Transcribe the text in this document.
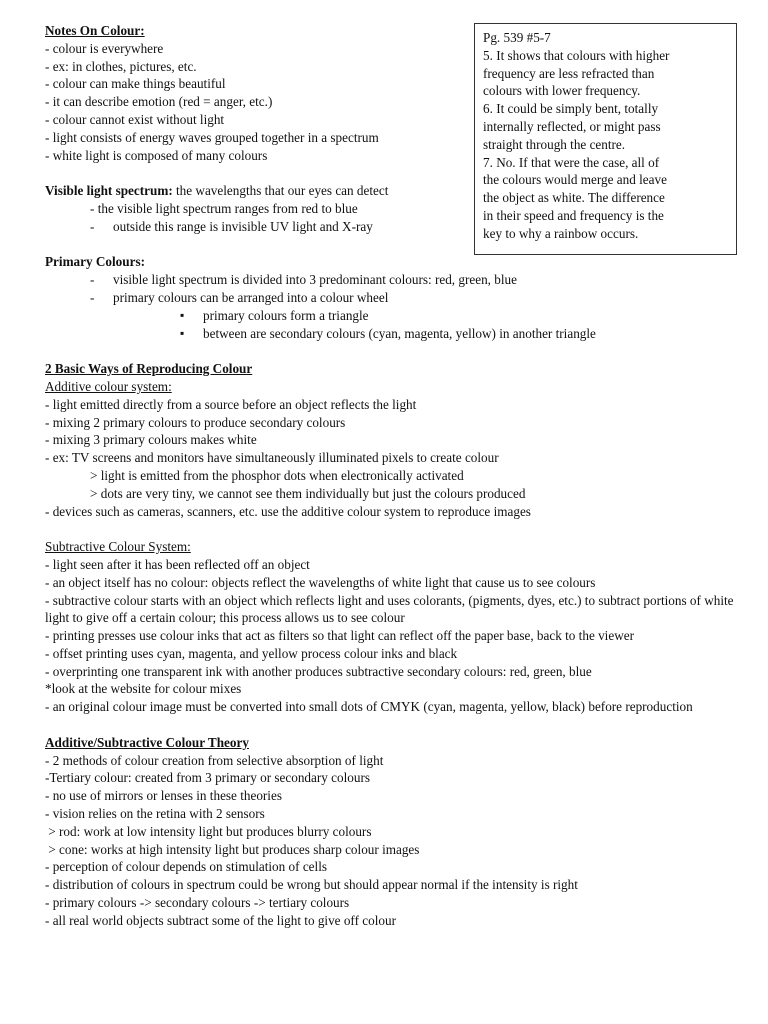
Notes On Colour:
- colour is everywhere
- ex: in clothes, pictures, etc.
- colour can make things beautiful
- it can describe emotion (red = anger, etc.)
- colour cannot exist without light
- light consists of energy waves grouped together in a spectrum
- white light is composed of many colours
Visible light spectrum: the wavelengths that our eyes can detect
- the visible light spectrum ranges from red to blue
- outside this range is invisible UV light and X-ray
Primary Colours:
- visible light spectrum is divided into 3 predominant colours: red, green, blue
- primary colours can be arranged into a colour wheel
▪ primary colours form a triangle
▪ between are secondary colours (cyan, magenta, yellow) in another triangle
2 Basic Ways of Reproducing Colour
Additive colour system:
- light emitted directly from a source before an object reflects the light
- mixing 2 primary colours to produce secondary colours
- mixing 3 primary colours makes white
- ex: TV screens and monitors have simultaneously illuminated pixels to create colour
> light is emitted from the phosphor dots when electronically activated
> dots are very tiny, we cannot see them individually but just the colours produced
- devices such as cameras, scanners, etc. use the additive colour system to reproduce images
Subtractive Colour System:
- light seen after it has been reflected off an object
- an object itself has no colour: objects reflect the wavelengths of white light that cause us to see colours
- subtractive colour starts with an object which reflects light and uses colorants, (pigments, dyes, etc.) to subtract portions of white light to give off a certain colour; this process allows us to see colour
- printing presses use colour inks that act as filters so that light can reflect off the paper base, back to the viewer
- offset printing uses cyan, magenta, and yellow process colour inks and black
- overprinting one transparent ink with another produces subtractive secondary colours: red, green, blue
*look at the website for colour mixes
- an original colour image must be converted into small dots of CMYK (cyan, magenta, yellow, black) before reproduction
Additive/Subtractive Colour Theory
- 2 methods of colour creation from selective absorption of light
-Tertiary colour: created from 3 primary or secondary colours
- no use of mirrors or lenses in these theories
- vision relies on the retina with 2 sensors
> rod: work at low intensity light but produces blurry colours
> cone: works at high intensity light but produces sharp colour images
- perception of colour depends on stimulation of cells
- distribution of colours in spectrum could be wrong but should appear normal if the intensity is right
- primary colours -> secondary colours -> tertiary colours
- all real world objects subtract some of the light to give off colour
Pg. 539 #5-7
5. It shows that colours with higher
frequency are less refracted than
colours with lower frequency.
6. It could be simply bent, totally
internally reflected, or might pass
straight through the centre.
7. No. If that were the case, all of
the colours would merge and leave
the object as white. The difference
in their speed and frequency is the
key to why a rainbow occurs.
